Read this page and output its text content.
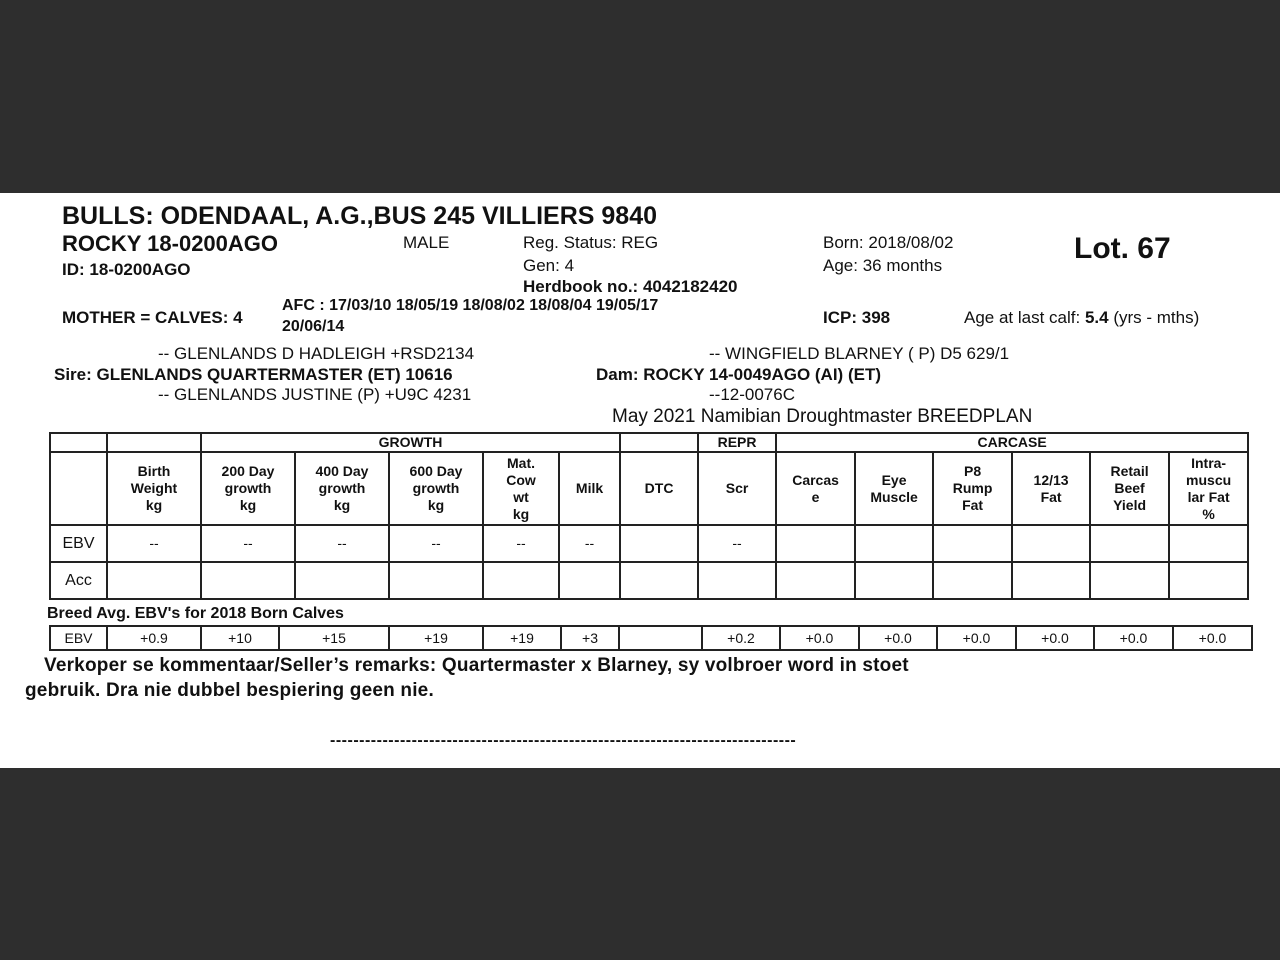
BULLS: ODENDAAL, A.G.,BUS 245 VILLIERS 9840
ROCKY 18-0200AGO
ID: 18-0200AGO
MALE	Reg. Status: REG
Gen: 4
Herdbook no.: 4042182420
Born: 2018/08/02
Age: 36 months
Lot. 67
MOTHER = CALVES: 4
AFC : 17/03/10 18/05/19 18/08/02 18/08/04 19/05/17
20/06/14	ICP: 398	Age at last calf: 5.4 (yrs - mths)
-- GLENLANDS D HADLEIGH +RSD2134
Sire: GLENLANDS QUARTERMASTER (ET) 10616
-- GLENLANDS JUSTINE (P) +U9C 4231
-- WINGFIELD BLARNEY ( P) D5 629/1
Dam: ROCKY 14-0049AGO (AI) (ET)
--12-0076C
May 2021 Namibian Droughtmaster BREEDPLAN
		GROWTH						REPR	CARCASE					
	Birth
Weight
kg	200 Day
growth
kg	400 Day
growth
kg	600 Day
growth
kg	Mat.
Cow
wt
kg	Milk	DTC	Scr	Carcas
e	Eye
Muscle	P8
Rump
Fat	12/13
Fat	Retail
Beef
Yield	Intra-
muscu
lar Fat
%
EBV	--	--	--	--	--	--		--						
Acc														
Breed Avg. EBV's for 2018 Born Calves
EBV	+0.9	+10	+15	+19	+19	+3		+0.2	+0.0	+0.0	+0.0	+0.0	+0.0	+0.0
Verkoper se kommentaar/Seller’s remarks: Quartermaster x Blarney, sy volbroer word in stoet
gebruik. Dra nie dubbel bespiering geen nie.
--------------------------------------------------------------------------------
